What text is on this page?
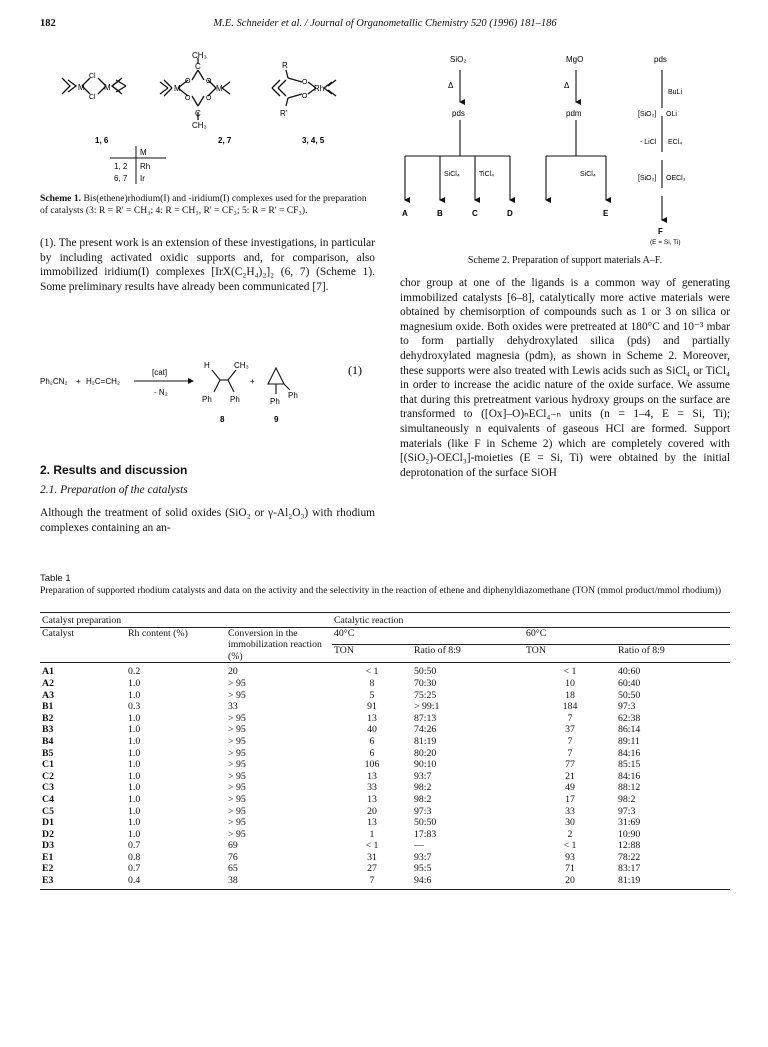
182	M.E. Schneider et al. / Journal of Organometallic Chemistry 520 (1996) 181–186
M
Cl
Cl
M
1, 6
CH₃
C
C
CH₃
O
O
O
O
M	M
2, 7
R
R'
O
O
Rh
3, 4, 5
M
1, 2 Rh
6, 7 Ir
Scheme 1. Bis(ethene)rhodium(I) and -iridium(I) complexes used for the preparation of catalysts (3: R = R' = CH₃; 4: R = CH₃, R' = CF₃; 5: R = R' = CF₃).
SiO₂	MgO	pds
Δ	Δ
pds	pdm
SiCl₄	TiCl₄	SiCl₄
A	B	C	D	E
F
BuLi
[SiO₂] OLi
- LiCl ECl₄
[SiO₂] OECl₃
(E = Si, Ti)
Scheme 2. Preparation of support materials A–F.

(1). The present work is an extension of these investigations, in particular by including activated oxidic supports and, for comparison, also immobilized iridium(I) complexes [IrX(C₂H₄)₂]₂ (6, 7) (Scheme 1). Some preliminary results have already been communicated [7].

Ph₂CN₂ + H₂C=CH₂
[cat]
- N₂
H	CH₃
Ph Ph
+
Ph
Ph
8	9
(1)
2. Results and discussion
2.1. Preparation of the catalysts

Although the treatment of solid oxides (SiO₂ or γ-Al₂O₃) with rhodium complexes containing an an-

chor group at one of the ligands is a common way of generating immobilized catalysts [6–8], catalytically more active materials were obtained by chemisorption of compounds such as 1 or 3 on silica or magnesium oxide. Both oxides were pretreated at 180°C and 10⁻³ mbar to form partially dehydroxylated silica (pds) and partially dehydroxylated magnesia (pdm), as shown in Scheme 2. Moreover, these supports were also treated with Lewis acids such as SiCl₄ or TiCl₄ in order to increase the acidic nature of the oxide surface. We assume that during this pretreatment various hydroxy groups on the surface are transformed to ([Ox]–O)ₙECl₄₋ₙ units (n = 1–4, E = Si, Ti); simultaneously n equivalents of gaseous HCl are formed. Support materials (like F in Scheme 2) which are completely covered with [(SiO₂)-OECl₃]-moieties (E = Si, Ti) were obtained by the initial deprotonation of the surface SiOH

Table 1
Preparation of supported rhodium catalysts and data on the activity and the selectivity in the reaction of ethene and diphenyldiazomethane (TON (mmol product/mmol rhodium))
Catalyst preparation			Catalytic reaction			
Catalyst	Rh content (%)	Conversion in the immobilization reaction (%)	40°C		60°C	
			TON	Ratio of 8:9	TON	Ratio of 8:9
A1	0.2	20	< 1	50:50	< 1	40:60
A2	1.0	> 95	8	70:30	10	60:40
A3	1.0	> 95	5	75:25	18	50:50
B1	0.3	33	91	> 99:1	184	97:3
B2	1.0	> 95	13	87:13	7	62:38
B3	1.0	> 95	40	74:26	37	86:14
B4	1.0	> 95	6	81:19	7	89:11
B5	1.0	> 95	6	80:20	7	84:16
C1	1.0	> 95	106	90:10	77	85:15
C2	1.0	> 95	13	93:7	21	84:16
C3	1.0	> 95	33	98:2	49	88:12
C4	1.0	> 95	13	98:2	17	98:2
C5	1.0	> 95	20	97:3	33	97:3
D1	1.0	> 95	13	50:50	30	31:69
D2	1.0	> 95	1	17:83	2	10:90
D3	0.7	69	< 1	—	< 1	12:88
E1	0.8	76	31	93:7	93	78:22
E2	0.7	65	27	95:5	71	83:17
E3	0.4	38	7	94:6	20	81:19
